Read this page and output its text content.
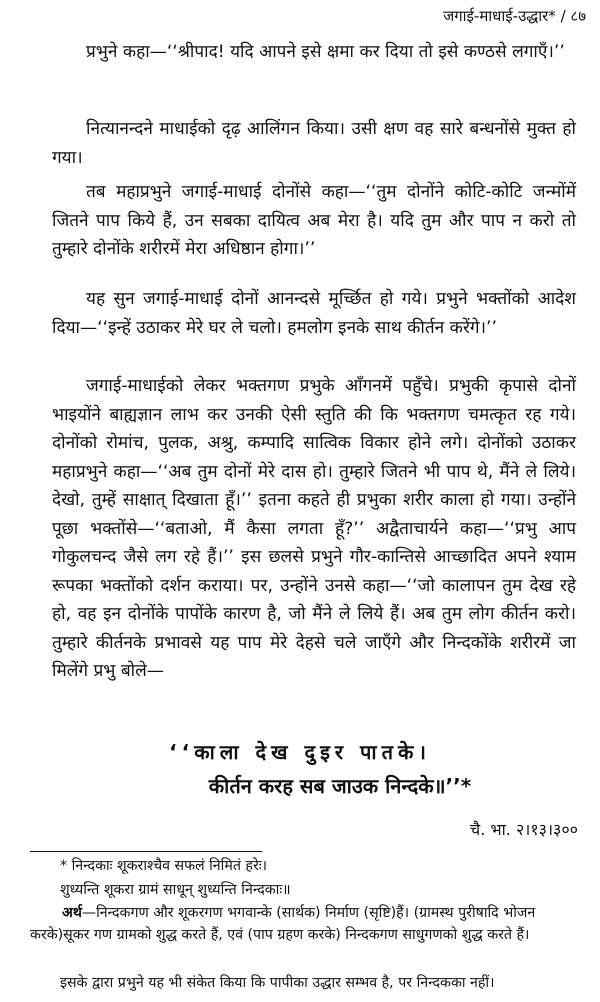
जगाई-माधाई-उद्धार* / ८७

प्रभुने कहा—‘‘श्रीपाद! यदि आपने इसे क्षमा कर दिया तो इसे कण्ठसे लगाएँ।’’

नित्यानन्दने माधाईको दृढ़ आलिंगन किया। उसी क्षण वह सारे बन्धनोंसे मुक्त हो गया।

तब महाप्रभुने जगाई-माधाई दोनोंसे कहा—‘‘तुम दोनोंने कोटि-कोटि जन्मोंमें जितने पाप किये हैं, उन सबका दायित्व अब मेरा है। यदि तुम और पाप न करो तो तुम्हारे दोनोंके शरीरमें मेरा अधिष्ठान होगा।’’

यह सुन जगाई-माधाई दोनों आनन्दसे मूर्च्छित हो गये। प्रभुने भक्तोंको आदेश दिया—‘‘इन्हें उठाकर मेरे घर ले चलो। हमलोग इनके साथ कीर्तन करेंगे।’’

जगाई-माधाईको लेकर भक्तगण प्रभुके आँगनमें पहुँचे। प्रभुकी कृपासे दोनों भाइयोंने बाह्यज्ञान लाभ कर उनकी ऐसी स्तुति की कि भक्तगण चमत्कृत रह गये। दोनोंको रोमांच, पुलक, अश्रु, कम्पादि सात्विक विकार होने लगे। दोनोंको उठाकर महाप्रभुने कहा—‘‘अब तुम दोनों मेरे दास हो। तुम्हारे जितने भी पाप थे, मैंने ले लिये। देखो, तुम्हें साक्षात् दिखाता हूँ।’’ इतना कहते ही प्रभुका शरीर काला हो गया। उन्होंने पूछा भक्तोंसे—‘‘बताओ, मैं कैसा लगता हूँ?’’ अद्वैताचार्यने कहा—‘‘प्रभु आप गोकुलचन्द जैसे लग रहे हैं।’’ इस छलसे प्रभुने गौर-कान्तिसे आच्छादित अपने श्याम रूपका भक्तोंको दर्शन कराया। पर, उन्होंने उनसे कहा—‘‘जो कालापन तुम देख रहे हो, वह इन दोनोंके पापोंके कारण है, जो मैंने ले लिये हैं। अब तुम लोग कीर्तन करो। तुम्हारे कीर्तनके प्रभावसे यह पाप मेरे देहसे चले जाएँगे और निन्दकोंके शरीरमें जा मिलेंगे प्रभु बोले—

‘‘काला देख दुइर पातके।
कीर्तन करह सब जाउक निन्दके॥’’*
चै. भा. २।१३।३००

* निन्दकाः शूकराश्चैव सफलं निमितं हरेः।

शुध्यन्ति शूकरा ग्रामं साधून् शुध्यन्ति निन्दकाः॥

अर्थ—निन्दकगण और शूकरगण भगवान्के (सार्थक) निर्माण (सृष्टि)हैं। (ग्रामस्थ पुरीषादि भोजन करके)सूकर गण ग्रामको शुद्ध करते हैं, एवं (पाप ग्रहण करके) निन्दकगण साधुगणको शुद्ध करते हैं।

इसके द्वारा प्रभुने यह भी संकेत किया कि पापीका उद्धार सम्भव है, पर निन्दकका नहीं।
